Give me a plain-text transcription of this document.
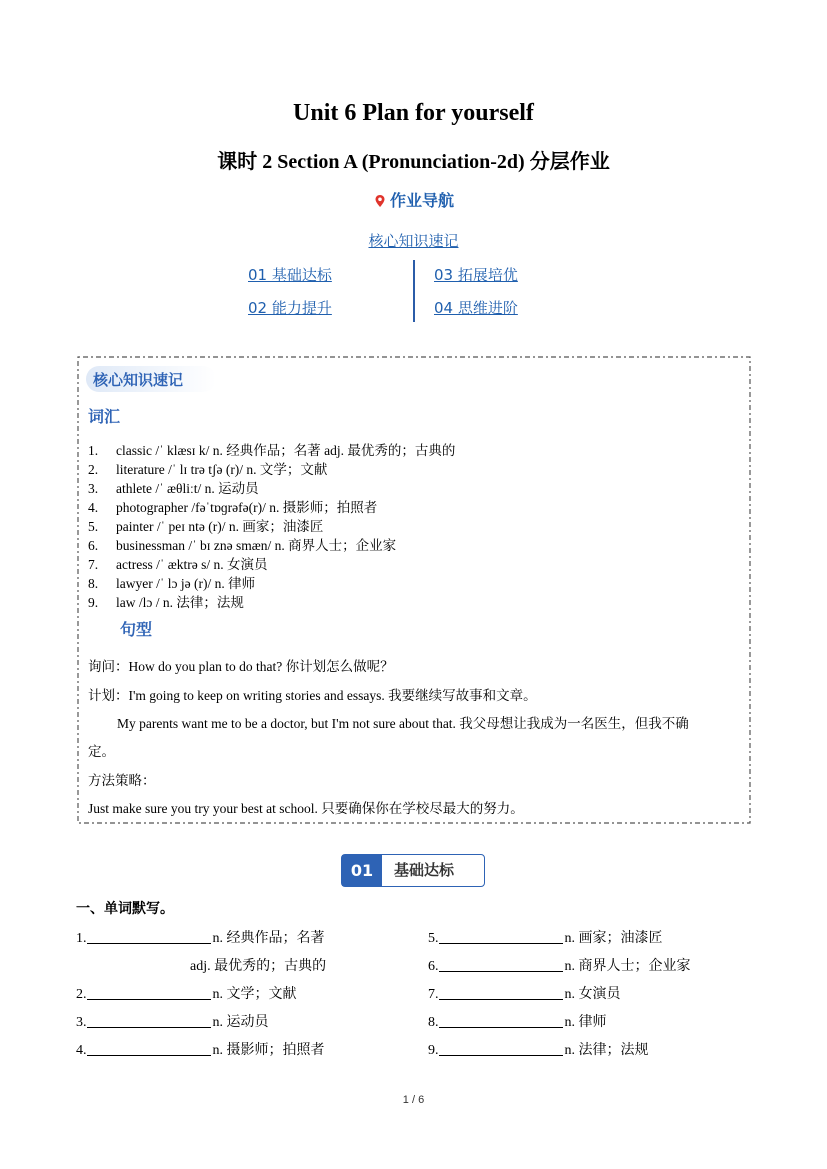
Unit 6 Plan for yourself
课时 2 Section A (Pronunciation-2d) 分层作业
作业导航
核心知识速记
01 基础达标
02 能力提升
03 拓展培优
04 思维进阶
核心知识速记
词汇
1. classic /ˈ klæsɪ k/ n. 经典作品；名著 adj. 最优秀的；古典的
2. literature /ˈ lɪ trə tʃə (r)/ n. 文学；文献
3. athlete /ˈ æθliːt/ n. 运动员
4. photographer /fəˈtɒɡrəfə(r)/ n. 摄影师；拍照者
5. painter /ˈ peɪ ntə (r)/ n. 画家；油漆匠
6. businessman /ˈ bɪ znə smæn/ n. 商界人士；企业家
7. actress /ˈ æktrə s/ n. 女演员
8. lawyer /ˈ lɔ jə (r)/ n. 律师
9. law /lɔ / n. 法律；法规
句型
询问：How do you plan to do that? 你计划怎么做呢？
计划：I'm going to keep on writing stories and essays. 我要继续写故事和文章。
My parents want me to be a doctor, but I'm not sure about that. 我父母想让我成为一名医生，但我不确
定。
方法策略：
Just make sure you try your best at school. 只要确保你在学校尽最大的努力。
01	基础达标
一、单词默写。
1.	n. 经典作品；名著
adj. 最优秀的；古典的
2.	n. 文学；文献
3.	n. 运动员
4.	n. 摄影师；拍照者
5.	n. 画家；油漆匠
6.	n. 商界人士；企业家
7.	n. 女演员
8.	n. 律师
9.	n. 法律；法规
1 / 6
